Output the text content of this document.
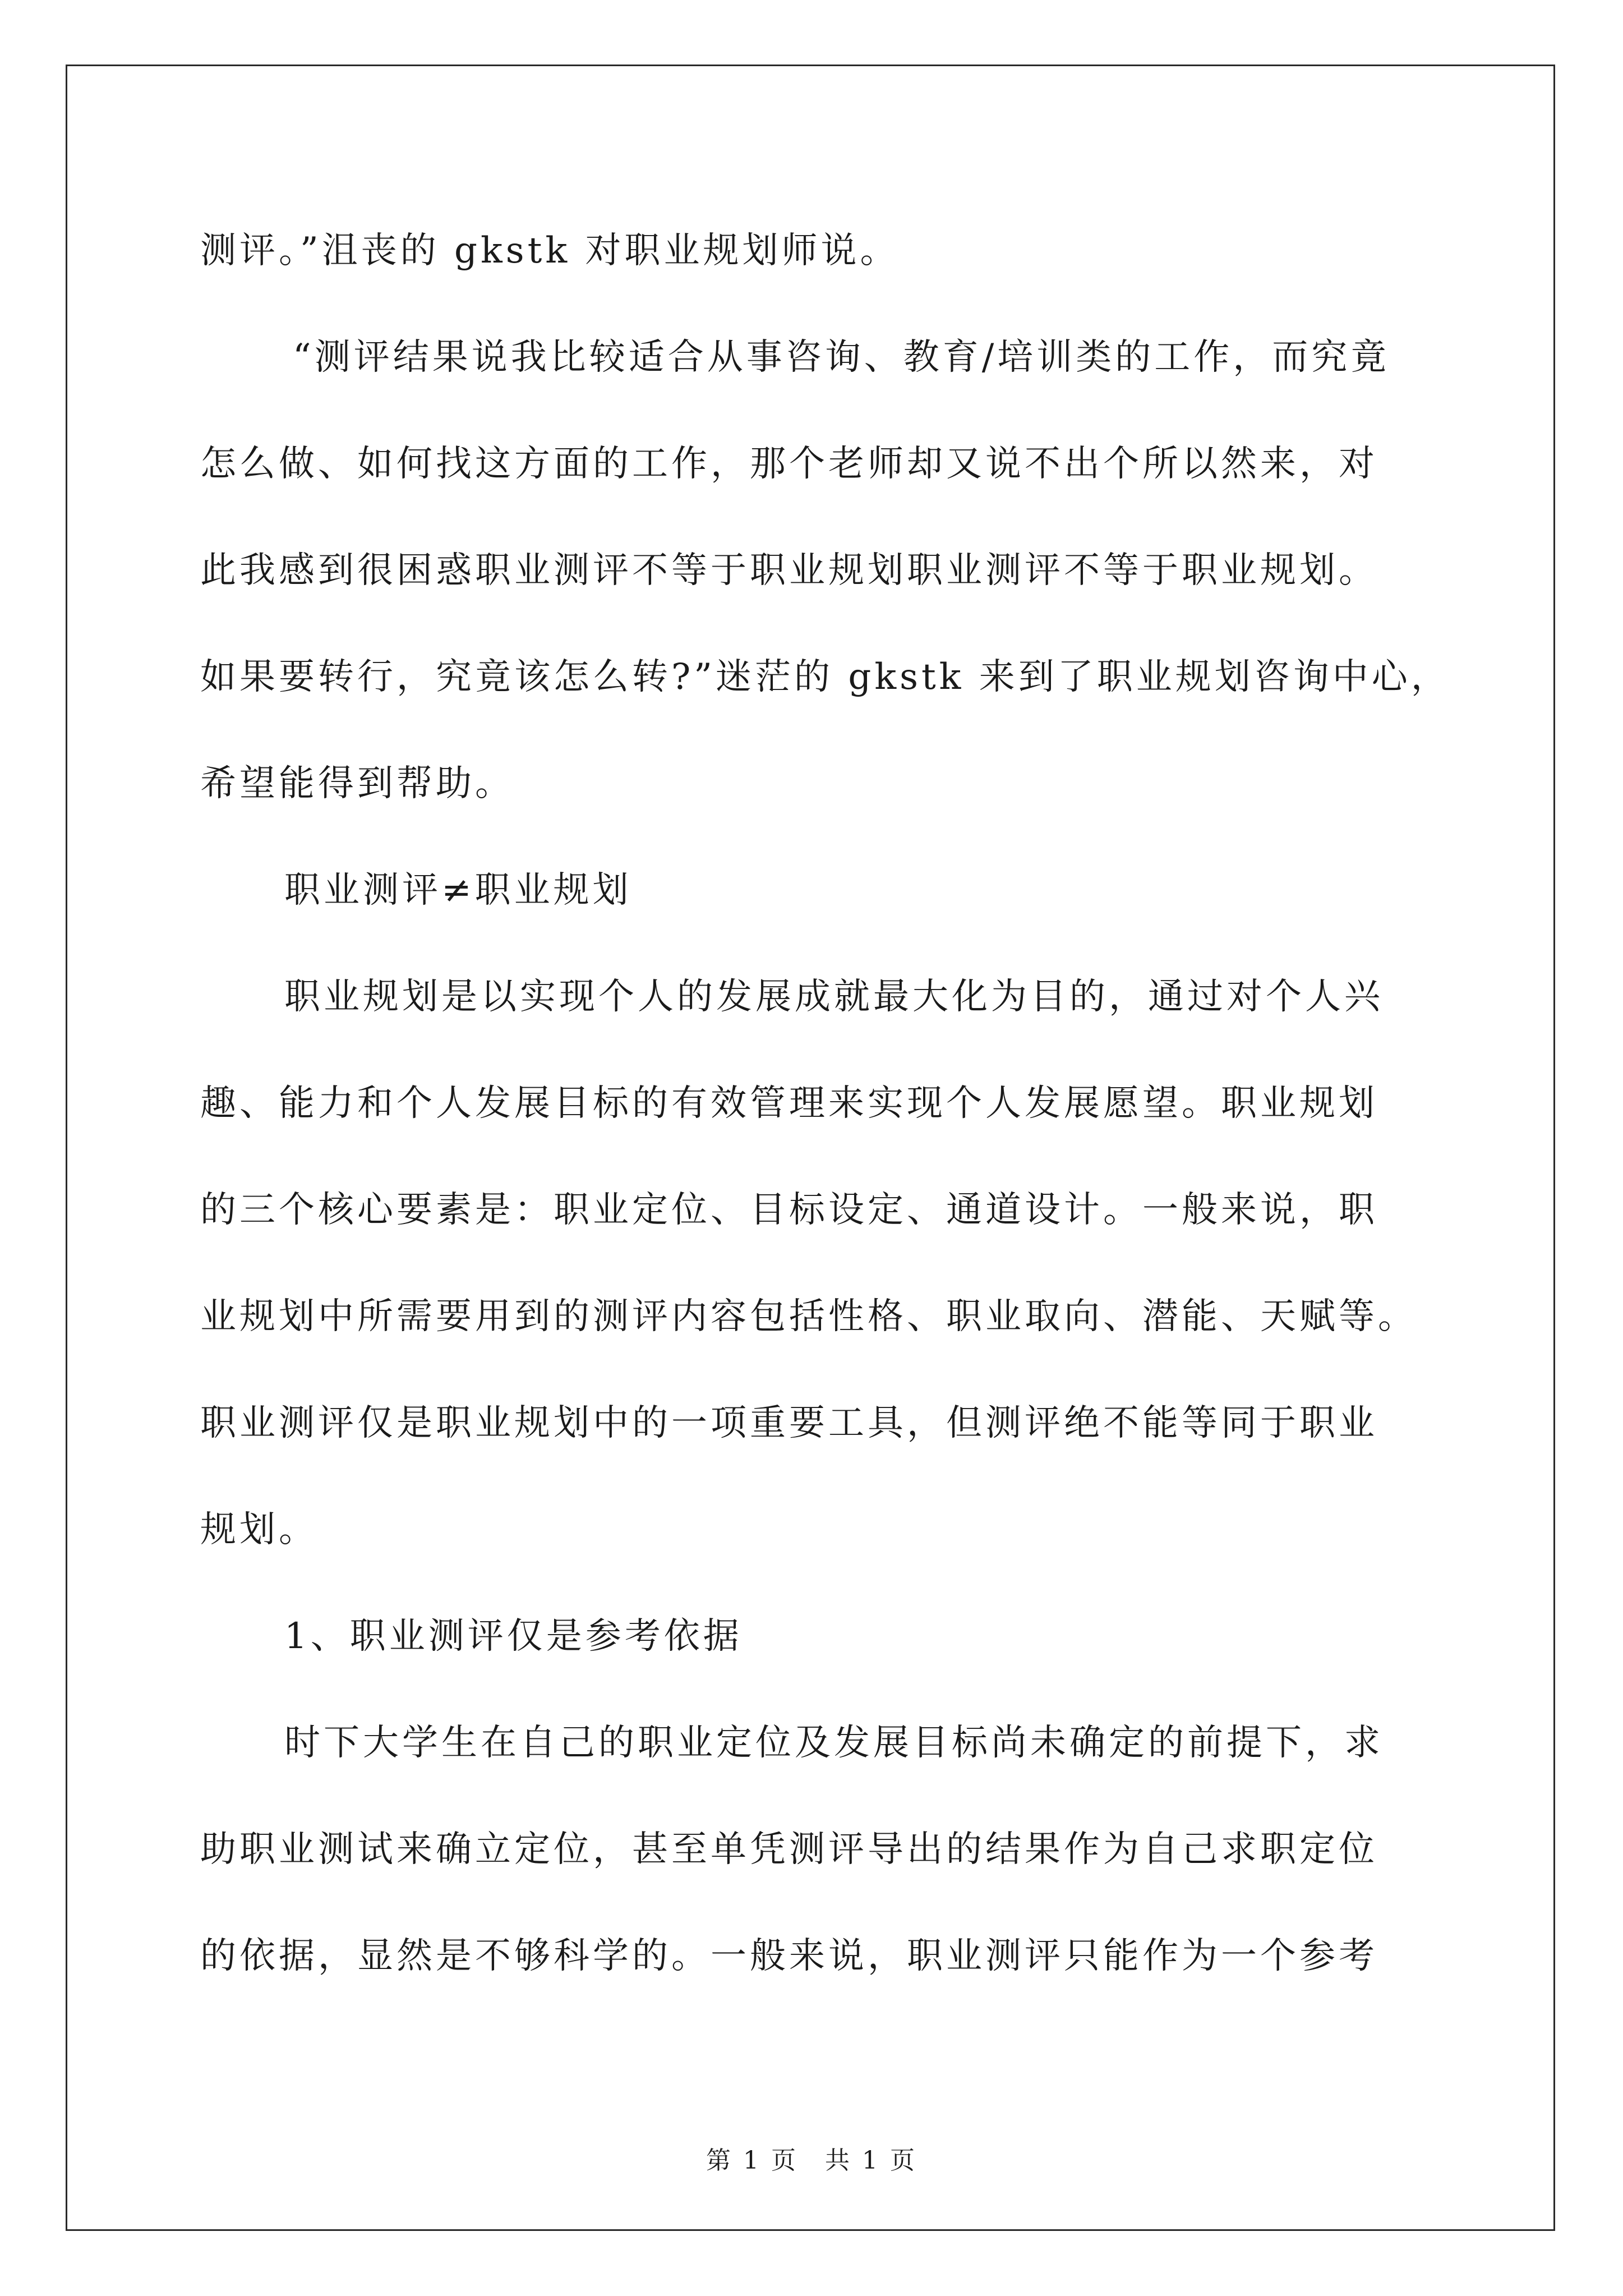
测评。”沮丧的 gkstk 对职业规划师说。
“测评结果说我比较适合从事咨询、教育/培训类的工作，而究竟
怎么做、如何找这方面的工作，那个老师却又说不出个所以然来，对
此我感到很困惑职业测评不等于职业规划职业测评不等于职业规划。
如果要转行，究竟该怎么转?”迷茫的 gkstk 来到了职业规划咨询中心，
希望能得到帮助。
职业测评≠职业规划
职业规划是以实现个人的发展成就最大化为目的，通过对个人兴
趣、能力和个人发展目标的有效管理来实现个人发展愿望。职业规划
的三个核心要素是：职业定位、目标设定、通道设计。一般来说，职
业规划中所需要用到的测评内容包括性格、职业取向、潜能、天赋等。
职业测评仅是职业规划中的一项重要工具，但测评绝不能等同于职业
规划。
1、职业测评仅是参考依据
时下大学生在自己的职业定位及发展目标尚未确定的前提下，求
助职业测试来确立定位，甚至单凭测评导出的结果作为自己求职定位
的依据，显然是不够科学的。一般来说，职业测评只能作为一个参考
第 1 页　共 1 页
